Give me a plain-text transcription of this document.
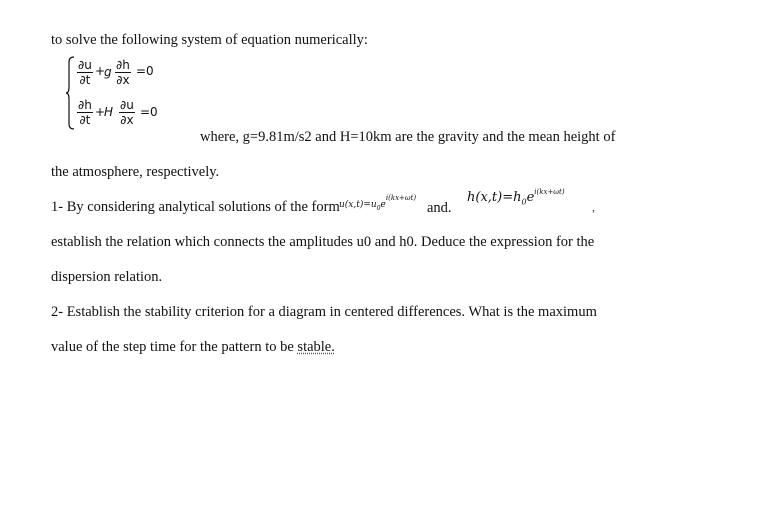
to solve the following system of equation numerically:
$\frac{\partial u}{\partial t}$ +
g $\frac{\partial h}{\partial x} =0$
$\frac{\partial h}{\partial t}$ +
H $\frac{\partial u}{\partial x} =0$
where, g=9.81m/s2 and H=10km are the gravity and the mean height of
the atmosphere, respectively.
1- By considering analytical solutions of the form $u(x,t)=u_0e^{i(kx+\omega t)}$
and.
$h(x,t)=h_0e^{i(kx+\omega t)}$
,
establish the relation which connects the amplitudes u0 and h0. Deduce the expression for the
dispersion relation.
2- Establish the stability criterion for a diagram in centered differences. What is the maximum
value of the step time for the pattern to be stable.
